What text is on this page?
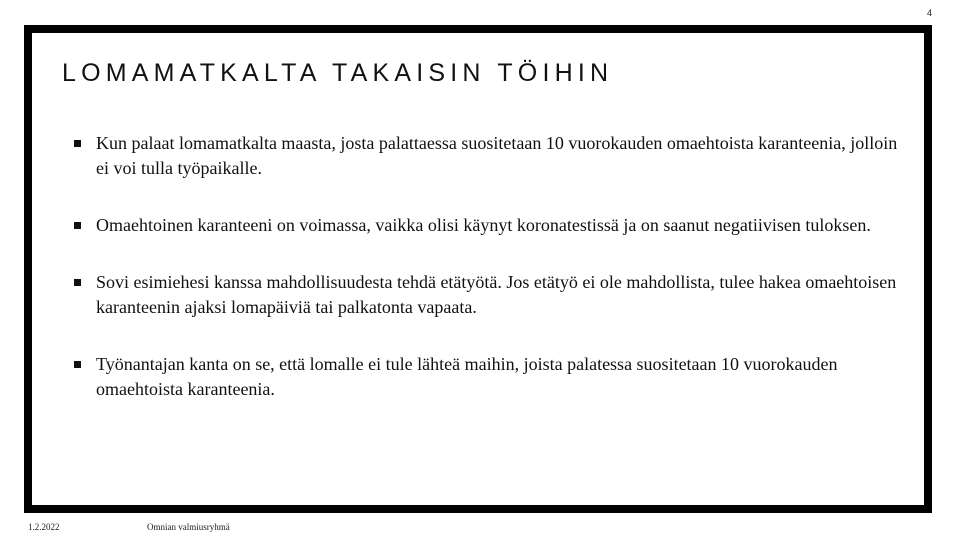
4
LOMAMATKALTA TAKAISIN TÖIHIN
Kun palaat lomamatkalta maasta, josta palattaessa suositetaan 10 vuorokauden omaehtoista karanteenia, jolloin ei voi tulla työpaikalle.
Omaehtoinen karanteeni on voimassa, vaikka olisi käynyt koronatestissä ja on saanut negatiivisen tuloksen.
Sovi esimiehesi kanssa mahdollisuudesta tehdä etätyötä. Jos etätyö ei ole mahdollista, tulee hakea omaehtoisen karanteenin ajaksi lomapäiviä tai palkatonta vapaata.
Työnantajan kanta on se, että lomalle ei tule lähteä maihin, joista palatessa suositetaan 10 vuorokauden omaehtoista karanteenia.
1.2.2022	Omnian valmiusryhmä
